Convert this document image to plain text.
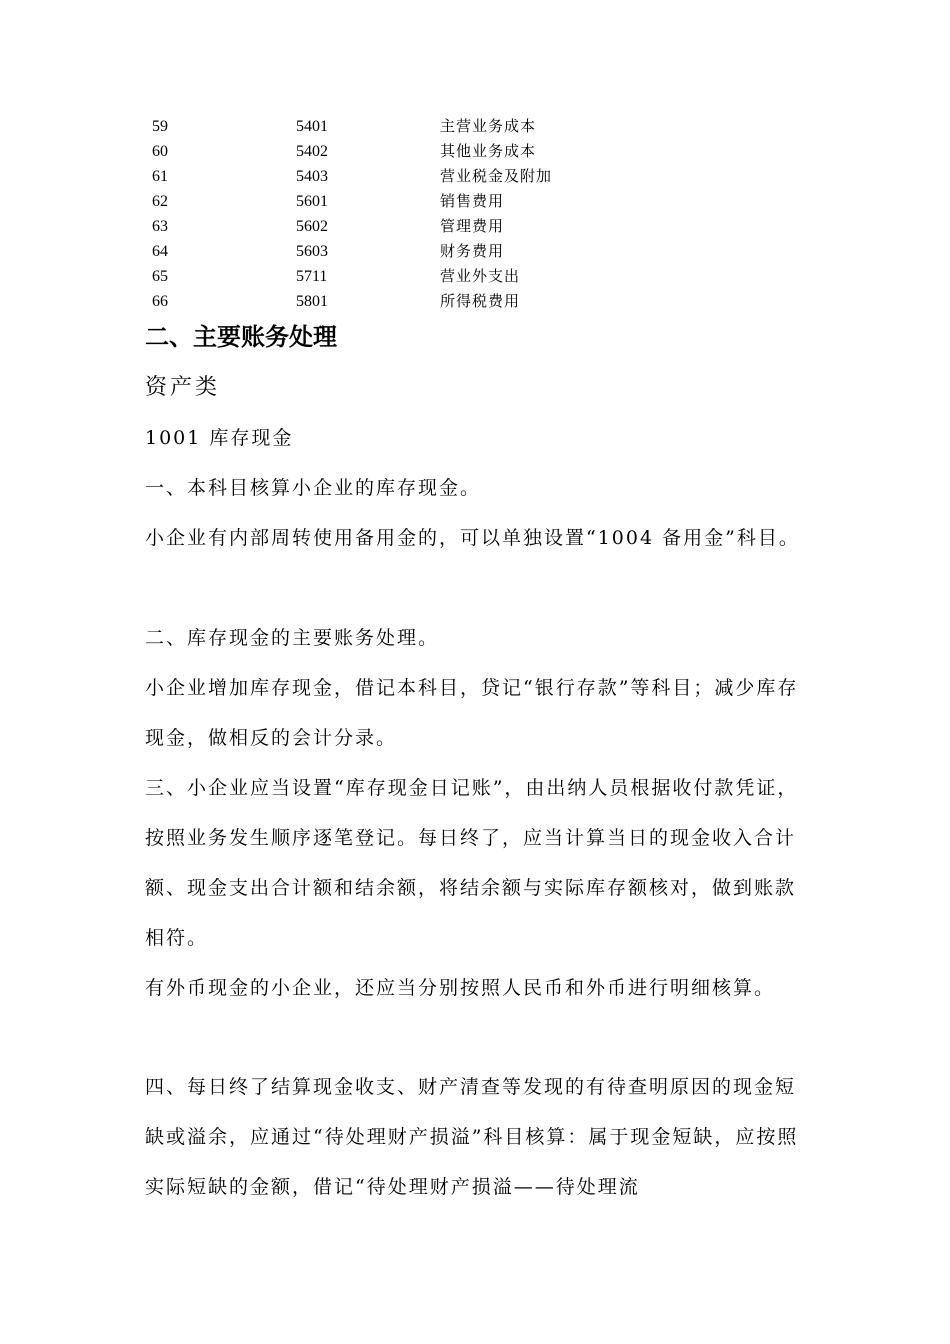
59	5401	主营业务成本
60	5402	其他业务成本
61	5403	营业税金及附加
62	5601	销售费用
63	5602	管理费用
64	5603	财务费用
65	5711	营业外支出
66	5801	所得税费用
二、主要账务处理
资产类

1001 库存现金

一、本科目核算小企业的库存现金。

小企业有内部周转使用备用金的，可以单独设置“1004 备用金”科目。

二、库存现金的主要账务处理。

小企业增加库存现金，借记本科目，贷记“银行存款”等科目；减少库存现金，做相反的会计分录。

三、小企业应当设置“库存现金日记账”，由出纳人员根据收付款凭证，按照业务发生顺序逐笔登记。每日终了，应当计算当日的现金收入合计额、现金支出合计额和结余额，将结余额与实际库存额核对，做到账款相符。

有外币现金的小企业，还应当分别按照人民币和外币进行明细核算。

四、每日终了结算现金收支、财产清查等发现的有待查明原因的现金短缺或溢余，应通过“待处理财产损溢”科目核算：属于现金短缺，应按照实际短缺的金额，借记“待处理财产损溢——待处理流
